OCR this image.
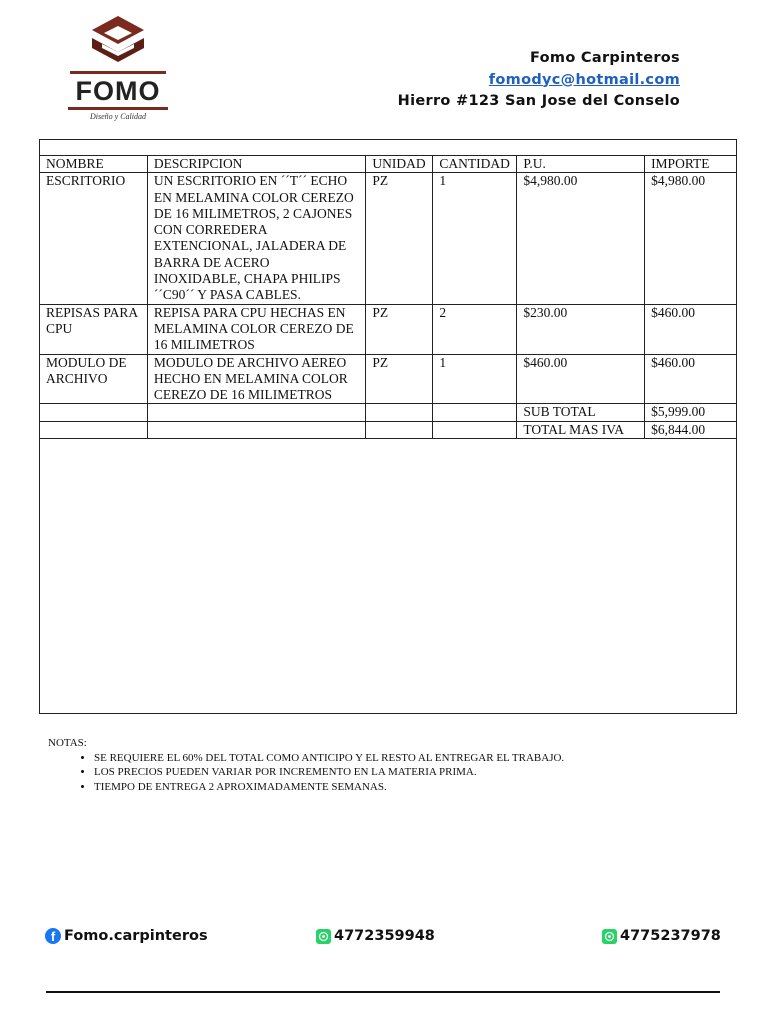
FOMO
Diseño y Calidad
Fomo Carpinteros
fomodyc@hotmail.com
Hierro #123 San Jose del Conselo
NOMBRE	DESCRIPCION	UNIDAD	CANTIDAD	P.U.	IMPORTE
ESCRITORIO	UN ESCRITORIO EN ´´T´´ ECHO EN MELAMINA COLOR CEREZO DE 16 MILIMETROS, 2 CAJONES CON CORREDERA EXTENCIONAL, JALADERA DE BARRA DE ACERO INOXIDABLE, CHAPA PHILIPS ´´C90´´ Y PASA CABLES.	PZ	1	$4,980.00	$4,980.00
REPISAS PARA CPU	REPISA PARA CPU HECHAS EN MELAMINA COLOR CEREZO DE 16 MILIMETROS	PZ	2	$230.00	$460.00
MODULO DE ARCHIVO	MODULO DE ARCHIVO AEREO HECHO EN MELAMINA COLOR CEREZO DE 16 MILIMETROS	PZ	1	$460.00	$460.00
				SUB TOTAL	$5,999.00
				TOTAL MAS IVA	$6,844.00
NOTAS:
• SE REQUIERE EL 60% DEL TOTAL COMO ANTICIPO Y EL RESTO AL ENTREGAR EL TRABAJO.
• LOS PRECIOS PUEDEN VARIAR POR INCREMENTO EN LA MATERIA PRIMA.
• TIEMPO DE ENTREGA 2 APROXIMADAMENTE SEMANAS.
f Fomo.carpinteros	4772359948	4775237978
